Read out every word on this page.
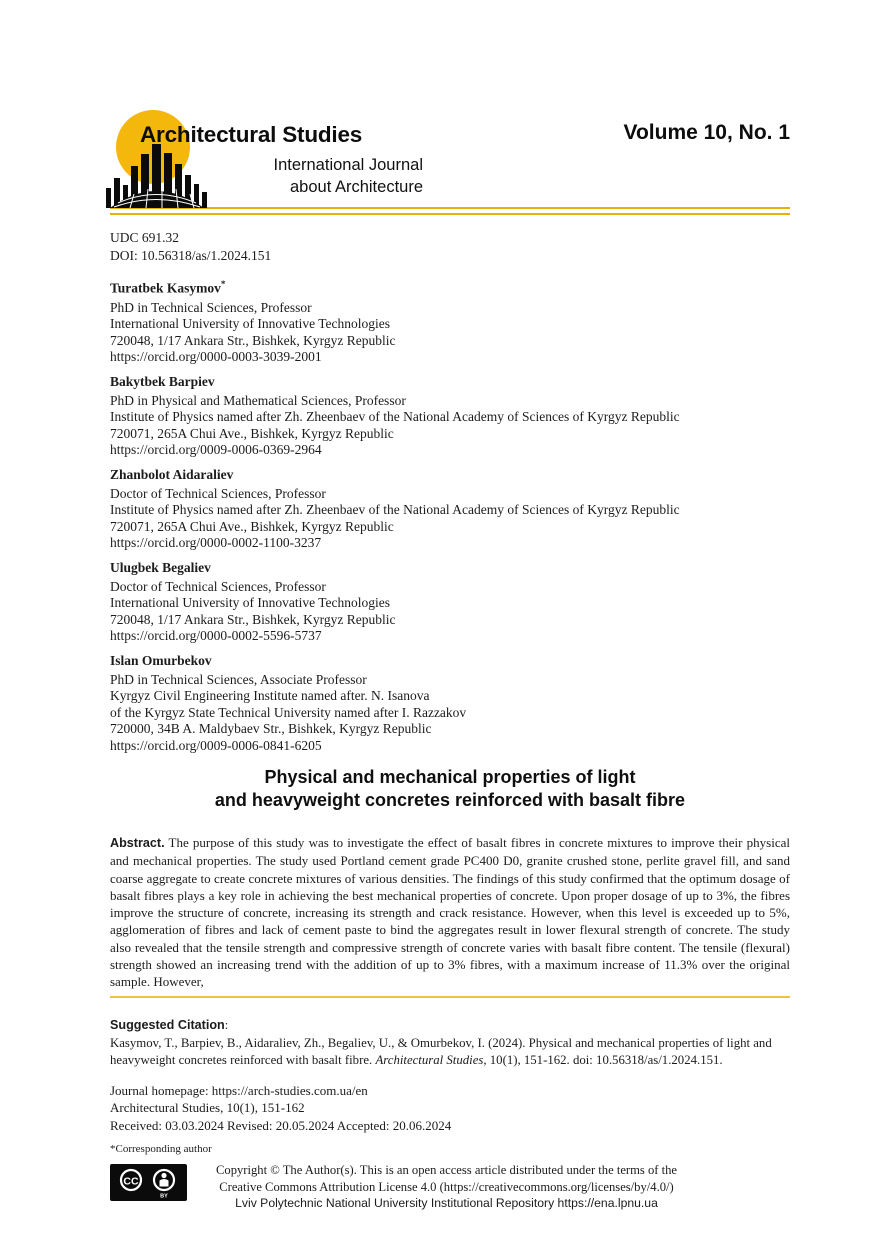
Architectural Studies
International Journal
about Architecture
Volume 10, No. 1
UDC 691.32
DOI: 10.56318/as/1.2024.151

Turatbek Kasymov*

PhD in Technical Sciences, Professor

International University of Innovative Technologies

720048, 1/17 Ankara Str., Bishkek, Kyrgyz Republic

https://orcid.org/0000-0003-3039-2001

Bakytbek Barpiev

PhD in Physical and Mathematical Sciences, Professor

Institute of Physics named after Zh. Zheenbaev of the National Academy of Sciences of Kyrgyz Republic

720071, 265A Chui Ave., Bishkek, Kyrgyz Republic

https://orcid.org/0009-0006-0369-2964

Zhanbolot Aidaraliev

Doctor of Technical Sciences, Professor

Institute of Physics named after Zh. Zheenbaev of the National Academy of Sciences of Kyrgyz Republic

720071, 265A Chui Ave., Bishkek, Kyrgyz Republic

https://orcid.org/0000-0002-1100-3237

Ulugbek Begaliev

Doctor of Technical Sciences, Professor

International University of Innovative Technologies

720048, 1/17 Ankara Str., Bishkek, Kyrgyz Republic

https://orcid.org/0000-0002-5596-5737

Islan Omurbekov

PhD in Technical Sciences, Associate Professor

Kyrgyz Civil Engineering Institute named after. N. Isanova

of the Kyrgyz State Technical University named after I. Razzakov

720000, 34B A. Maldybaev Str., Bishkek, Kyrgyz Republic

https://orcid.org/0009-0006-0841-6205

Physical and mechanical properties of light
and heavyweight concretes reinforced with basalt fibre

Abstract. The purpose of this study was to investigate the effect of basalt fibres in concrete mixtures to improve their physical and mechanical properties. The study used Portland cement grade PC400 D0, granite crushed stone, perlite gravel fill, and sand coarse aggregate to create concrete mixtures of various densities. The findings of this study confirmed that the optimum dosage of basalt fibres plays a key role in achieving the best mechanical properties of concrete. Upon proper dosage of up to 3%, the fibres improve the structure of concrete, increasing its strength and crack resistance. However, when this level is exceeded up to 5%, agglomeration of fibres and lack of cement paste to bind the aggregates result in lower flexural strength of concrete. The study also revealed that the tensile strength and compressive strength of concrete varies with basalt fibre content. The tensile (flexural) strength showed an increasing trend with the addition of up to 3% fibres, with a maximum increase of 11.3% over the original sample. However,

Suggested Citation:

Kasymov, T., Barpiev, B., Aidaraliev, Zh., Begaliev, U., & Omurbekov, I. (2024). Physical and mechanical properties of light and heavyweight concretes reinforced with basalt fibre. Architectural Studies, 10(1), 151-162. doi: 10.56318/as/1.2024.151.

Journal homepage: https://arch-studies.com.ua/en
Architectural Studies, 10(1), 151-162
Received: 03.03.2024 Revised: 20.05.2024 Accepted: 20.06.2024
*Corresponding author
CC
BY
Copyright © The Author(s). This is an open access article distributed under the terms of the
Creative Commons Attribution License 4.0 (https://creativecommons.org/licenses/by/4.0/)
Lviv Polytechnic National University Institutional Repository https://ena.lpnu.ua
